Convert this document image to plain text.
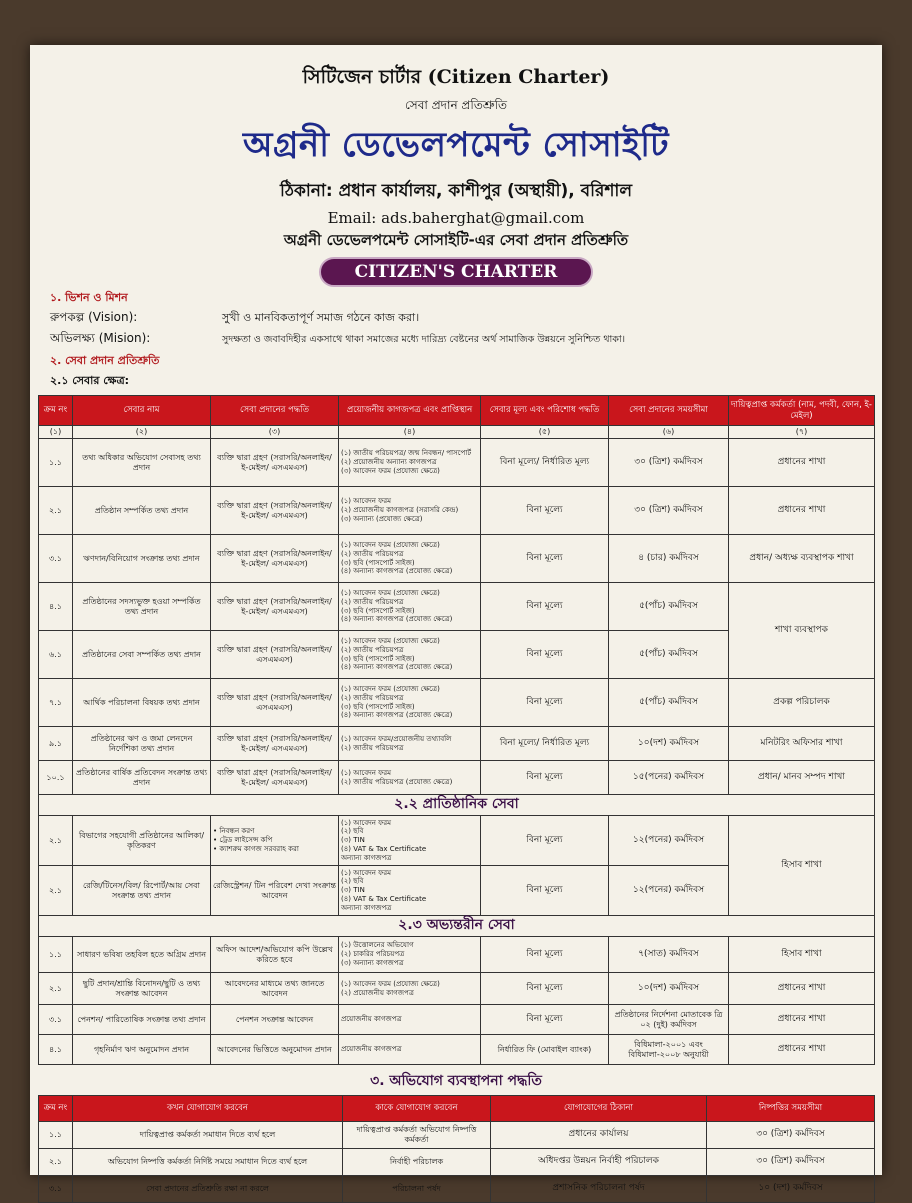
সিটিজেন চার্টার (Citizen Charter)
সেবা প্রদান প্রতিশ্রুতি
অগ্রনী ডেভেলপমেন্ট সোসাইটি
ঠিকানা: প্রধান কার্যালয়, কাশীপুর (অস্থায়ী), বরিশাল
Email: ads.baherghat@gmail.com
অগ্রনী ডেভেলপমেন্ট সোসাইটি-এর সেবা প্রদান প্রতিশ্রুতি
CITIZEN'S CHARTER
১. ভিশন ও মিশন
রুপকল্প (Vision):	সুখী ও মানবিকতাপূর্ণ সমাজ গঠনে কাজ করা।
অভিলক্ষ্য (Mision):	সুদক্ষতা ও জবাবদিহীর একসাথে থাকা সমাজের মধ্যে দারিদ্র্য বেষ্টনের অর্থ সামাজিক উন্নয়নে সুনিশ্চিত থাকা।
২. সেবা প্রদান প্রতিশ্রুতি
২.১ সেবার ক্ষেত্র:
ক্রম নং	সেবার নাম	সেবা প্রদানের পদ্ধতি	প্রয়োজনীয় কাগজপত্র এবং প্রাপ্তিস্থান	সেবার মূল্য এবং পরিশোধ পদ্ধতি	সেবা প্রদানের সময়সীমা	দায়িত্বপ্রাপ্ত কর্মকর্তা (নাম, পদবী, ফোন, ই-মেইল)
(১)	(২)	(৩)	(৪)	(৫)	(৬)	(৭)
১.১	তথ্য অধিকার অভিযোগ সেবাসহ তথ্য প্রদান	ব্যক্তি দ্বারা গ্রহণ (সরাসরি/অনলাইন/ ই-মেইল/ এসএমএস)	(১) জাতীয় পরিচয়পত্র/ জন্ম নিবন্ধন/ পাসপোর্ট
(২) প্রয়োজনীয় অন্যান্য কাগজপত্র
(৩) আবেদন ফরম (প্রযোজ্য ক্ষেত্রে)	বিনা মূল্যে/ নির্ধারিত মূল্য	৩০ (ত্রিশ) কর্মদিবস	প্রধানের শাখা
২.১	প্রতিষ্ঠান সম্পর্কিত তথ্য প্রদান	ব্যক্তি দ্বারা গ্রহণ (সরাসরি/অনলাইন/ ই-মেইল/ এসএমএস)	(১) আবেদন ফরম
(২) প্রয়োজনীয় কাগজপত্র (সরাসরি কেন্দ্র)
(৩) অন্যান্য (প্রযোজ্য ক্ষেত্রে)	বিনা মূল্যে	৩০ (ত্রিশ) কর্মদিবস	প্রধানের শাখা
৩.১	ঋণদান/বিনিয়োগ সংক্রান্ত তথ্য প্রদান	ব্যক্তি দ্বারা গ্রহণ (সরাসরি/অনলাইন/ ই-মেইল/ এসএমএস)	(১) আবেদন ফরম (প্রযোজ্য ক্ষেত্রে)
(২) জাতীয় পরিচয়পত্র
(৩) ছবি (পাসপোর্ট সাইজ)
(৪) অন্যান্য কাগজপত্র (প্রযোজ্য ক্ষেত্রে)	বিনা মূল্যে	৪ (চার) কর্মদিবস	প্রধান/ অধ্যক্ষ ব্যবস্থাপক শাখা
৪.১	প্রতিষ্ঠানের সদস্যভুক্ত হওয়া সম্পর্কিত তথ্য প্রদান	ব্যক্তি দ্বারা গ্রহণ (সরাসরি/অনলাইন/ ই-মেইল/ এসএমএস)	(১) আবেদন ফরম (প্রযোজ্য ক্ষেত্রে)
(২) জাতীয় পরিচয়পত্র
(৩) ছবি (পাসপোর্ট সাইজ)
(৪) অন্যান্য কাগজপত্র (প্রযোজ্য ক্ষেত্রে)	বিনা মূল্যে	৫(পাঁচ) কর্মদিবস	শাখা ব্যবস্থাপক
৬.১	প্রতিষ্ঠানের সেবা সম্পর্কিত তথ্য প্রদান	ব্যক্তি দ্বারা গ্রহণ (সরাসরি/অনলাইন/ এসএমএস)	(১) আবেদন ফরম (প্রযোজ্য ক্ষেত্রে)
(২) জাতীয় পরিচয়পত্র
(৩) ছবি (পাসপোর্ট সাইজ)
(৪) অন্যান্য কাগজপত্র (প্রযোজ্য ক্ষেত্রে)	বিনা মূল্যে	৫(পাঁচ) কর্মদিবস	
৭.১	আর্থিক পরিচালনা বিষয়ক তথ্য প্রদান	ব্যক্তি দ্বারা গ্রহণ (সরাসরি/অনলাইন/ এসএমএস)	(১) আবেদন ফরম (প্রযোজ্য ক্ষেত্রে)
(২) জাতীয় পরিচয়পত্র
(৩) ছবি (পাসপোর্ট সাইজ)
(৪) অন্যান্য কাগজপত্র (প্রযোজ্য ক্ষেত্রে)	বিনা মূল্যে	৫(পাঁচ) কর্মদিবস	প্রকল্প পরিচালক
৯.১	প্রতিষ্ঠানের ঋণ ও জমা লেনদেন নির্দেশিকা তথ্য প্রদান	ব্যক্তি দ্বারা গ্রহণ (সরাসরি/অনলাইন/ ই-মেইল/ এসএমএস)	(১) আবেদন ফরম/প্রয়োজনীয় তথ্যাবলি
(২) জাতীয় পরিচয়পত্র	বিনা মূল্যে/ নির্ধারিত মূল্য	১০(দশ) কর্মদিবস	মনিটরিং অফিসার শাখা
১০.১	প্রতিষ্ঠানের বার্ষিক প্রতিবেদন সংক্রান্ত তথ্য প্রদান	ব্যক্তি দ্বারা গ্রহণ (সরাসরি/অনলাইন/ ই-মেইল/ এসএমএস)	(১) আবেদন ফরম
(২) জাতীয় পরিচয়পত্র (প্রযোজ্য ক্ষেত্রে)	বিনা মূল্যে	১৫(পনের) কর্মদিবস	প্রধান/ মানব সম্পদ শাখা
২.২ প্রাতিষ্ঠানিক সেবা						
২.১	বিভাগের সহযোগী প্রতিষ্ঠানের আলিকা/কৃতিকরণ	• নিবন্ধন করণ
• ট্রেড লাইসেন্স কপি
• ক্যাশরুম কাগজ সরবরাহ করা	(১) আবেদন ফরম
(২) ছবি
(৩) TIN
(৪) VAT & Tax Certificate
অন্যান্য কাগজপত্র	বিনা মূল্যে	১২(পনের) কর্মদিবস	হিসাব শাখা
২.১	রেজি/টিনেস/বিল/ রিপোর্ট/আয় সেবা সংক্রান্ত তথ্য প্রদান	রেজিস্ট্রেশন/ টিন পরিবেশ দেখা সংক্রান্ত আবেদন	(১) আবেদন ফরম
(২) ছবি
(৩) TIN
(৪) VAT & Tax Certificate
অন্যান্য কাগজপত্র	বিনা মূল্যে	১২(পনের) কর্মদিবস	
২.৩ অভ্যন্তরীন সেবা						
১.১	সাধারণ ভবিষ্য তহবিল হতে অগ্রিম প্রদান	অফিস আদেশ/অভিযোগ কপি উল্লেখ করিতে হবে	(১) উত্তোলনের অভিযোগ
(২) চাকরির পরিচয়পত্র
(৩) অন্যান্য কাগজপত্র	বিনা মূল্যে	৭(সাত) কর্মদিবস	হিসাব শাখা
২.১	ছুটি প্রদান/শ্রান্তি বিনোদন/ছুটি ও তথ্য সংক্রান্ত আবেদন	আবেদনের মাধ্যমে তথ্য জানতে আবেদন	(১) আবেদন ফরম (প্রযোজ্য ক্ষেত্রে)
(২) প্রয়োজনীয় কাগজপত্র	বিনা মূল্যে	১০(দশ) কর্মদিবস	প্রধানের শাখা
৩.১	পেনশন/ পারিতোষিক সংক্রান্ত তথ্য প্রদান	পেনশন সংক্রান্ত আবেদন	প্রয়োজনীয় কাগজপত্র	বিনা মূল্যে	প্রতিষ্ঠানের নির্দেশনা মোতাবেক ত্রি ০২ (দুই) কর্মদিবস	প্রধানের শাখা
৪.১	গৃহনির্মাণ ঋণ অনুমোদন প্রদান	আবেদনের ভিত্তিতে অনুমোদন প্রদান	প্রয়োজনীয় কাগজপত্র	নির্ধারিত ফি (মোবাইল ব্যাংক)	বিধিমালা-২০০১ এবং বিধিমালা-২০০৮ অনুযায়ী	প্রধানের শাখা
৩. অভিযোগ ব্যবস্থাপনা পদ্ধতি
ক্রম নং	কখন যোগাযোগ করবেন	কাকে যোগাযোগ করবেন	যোগাযোগের ঠিকানা	নিষ্পত্তির সময়সীমা
১.১	দায়িত্বপ্রাপ্ত কর্মকর্তা সমাধান দিতে ব্যর্থ হলে	দায়িত্বপ্রাপ্ত কর্মকর্তা অভিযোগ নিষ্পত্তি কর্মকর্তা	প্রধানের কার্যালয়	৩০ (ত্রিশ) কর্মদিবস
২.১	অভিযোগ নিষ্পত্তি কর্মকর্তা নির্দিষ্ট সময়ে সমাধান দিতে ব্যর্থ হলে	নির্বাহী পরিচালক	অধিদপ্তর উন্নয়ন নির্বাহী পরিচালক	৩০ (ত্রিশ) কর্মদিবস
৩.১	সেবা প্রদানের প্রতিশ্রুতি রক্ষা না করলে	পরিচালনা পর্ষদ	প্রশাসনিক পরিচালনা পর্ষদ	১০ (দশ) কর্মদিবস
